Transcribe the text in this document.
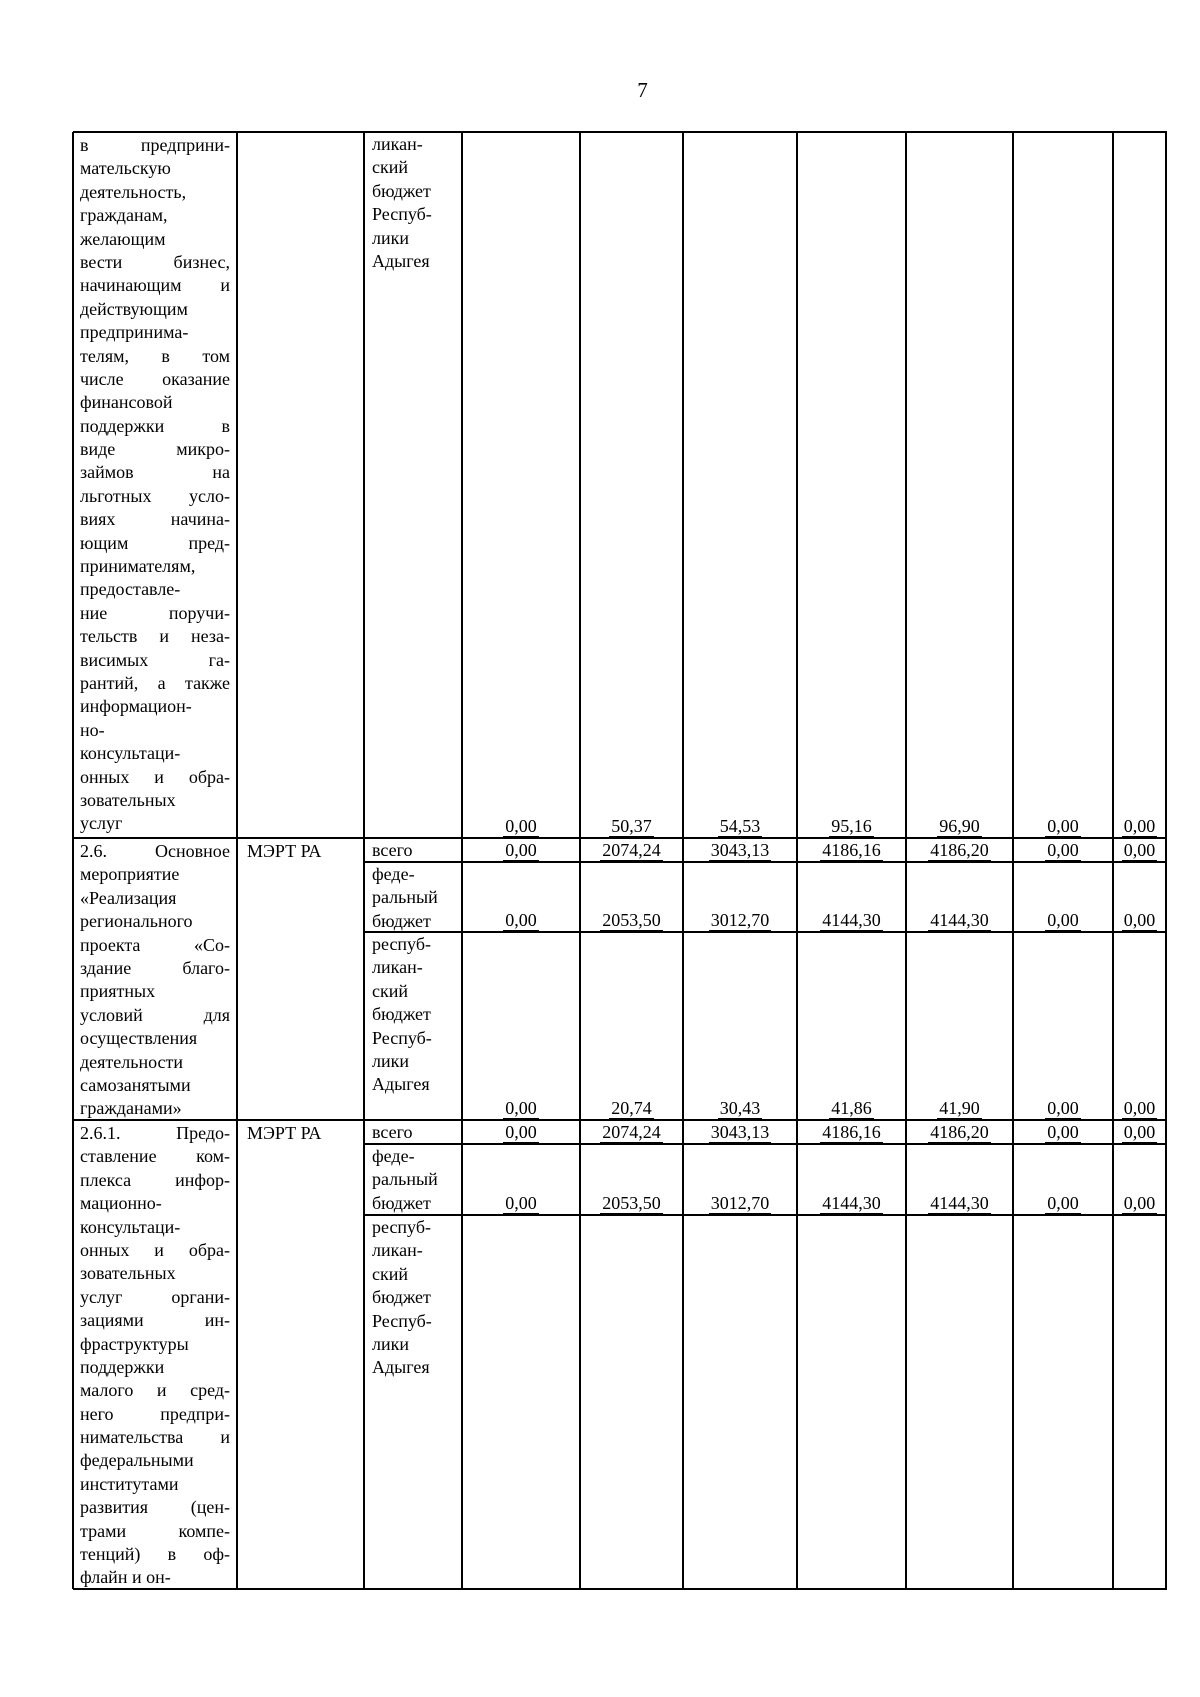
7
в предприни-
мательскую
деятельность,
гражданам,
желающим
вести бизнес,
начинающим и
действующим
предпринима-
телям, в том
числе оказание
финансовой
поддержки в
виде микро-
займов на
льготных усло-
виях начина-
ющим пред-
принимателям,
предоставле-
ние поручи-
тельств и неза-
висимых га-
рантий, а также
информацион-
но-
консультаци-
онных и обра-
зовательных
услуг
ликан-
ский
бюджет
Респуб-
лики
Адыгея
0,00	50,37	54,53	95,16	96,90	0,00	0,00
2.6. Основное
мероприятие
«Реализация
регионального
проекта «Со-
здание благо-
приятных
условий для
осуществления
деятельности
самозанятыми
гражданами»
МЭРТ РА	всего	0,00	2074,24	3043,13	4186,16	4186,20	0,00	0,00
феде-
ральный
бюджет	0,00	2053,50	3012,70	4144,30	4144,30	0,00	0,00
респуб-
ликан-
ский
бюджет
Респуб-
лики
Адыгея
0,00	20,74	30,43	41,86	41,90	0,00	0,00
2.6.1. Предо-
ставление ком-
плекса инфор-
мационно-
консультаци-
онных и обра-
зовательных
услуг органи-
зациями ин-
фраструктуры
поддержки
малого и сред-
него предпри-
нимательства и
федеральными
институтами
развития (цен-
трами компе-
тенций) в оф-
флайн и он-
МЭРТ РА	всего	0,00	2074,24	3043,13	4186,16	4186,20	0,00	0,00
феде-
ральный
бюджет	0,00	2053,50	3012,70	4144,30	4144,30	0,00	0,00
респуб-
ликан-
ский
бюджет
Респуб-
лики
Адыгея
